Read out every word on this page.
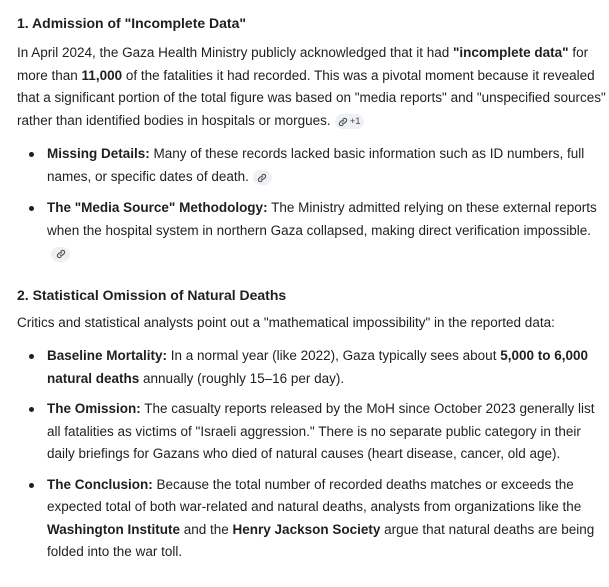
1. Admission of "Incomplete Data"

In April 2024, the Gaza Health Ministry publicly acknowledged that it had "incomplete data" for more than 11,000 of the fatalities it had recorded. This was a pivotal moment because it revealed that a significant portion of the total figure was based on "media reports" and "unspecified sources" rather than identified bodies in hospitals or morgues. +1

Missing Details: Many of these records lacked basic information such as ID numbers, full names, or specific dates of death.
The "Media Source" Methodology: The Ministry admitted relying on these external reports when the hospital system in northern Gaza collapsed, making direct verification impossible.
2. Statistical Omission of Natural Deaths

Critics and statistical analysts point out a "mathematical impossibility" in the reported data:

Baseline Mortality: In a normal year (like 2022), Gaza typically sees about 5,000 to 6,000 natural deaths annually (roughly 15–16 per day).
The Omission: The casualty reports released by the MoH since October 2023 generally list all fatalities as victims of "Israeli aggression." There is no separate public category in their daily briefings for Gazans who died of natural causes (heart disease, cancer, old age).
The Conclusion: Because the total number of recorded deaths matches or exceeds the expected total of both war-related and natural deaths, analysts from organizations like the Washington Institute and the Henry Jackson Society argue that natural deaths are being folded into the war toll.
